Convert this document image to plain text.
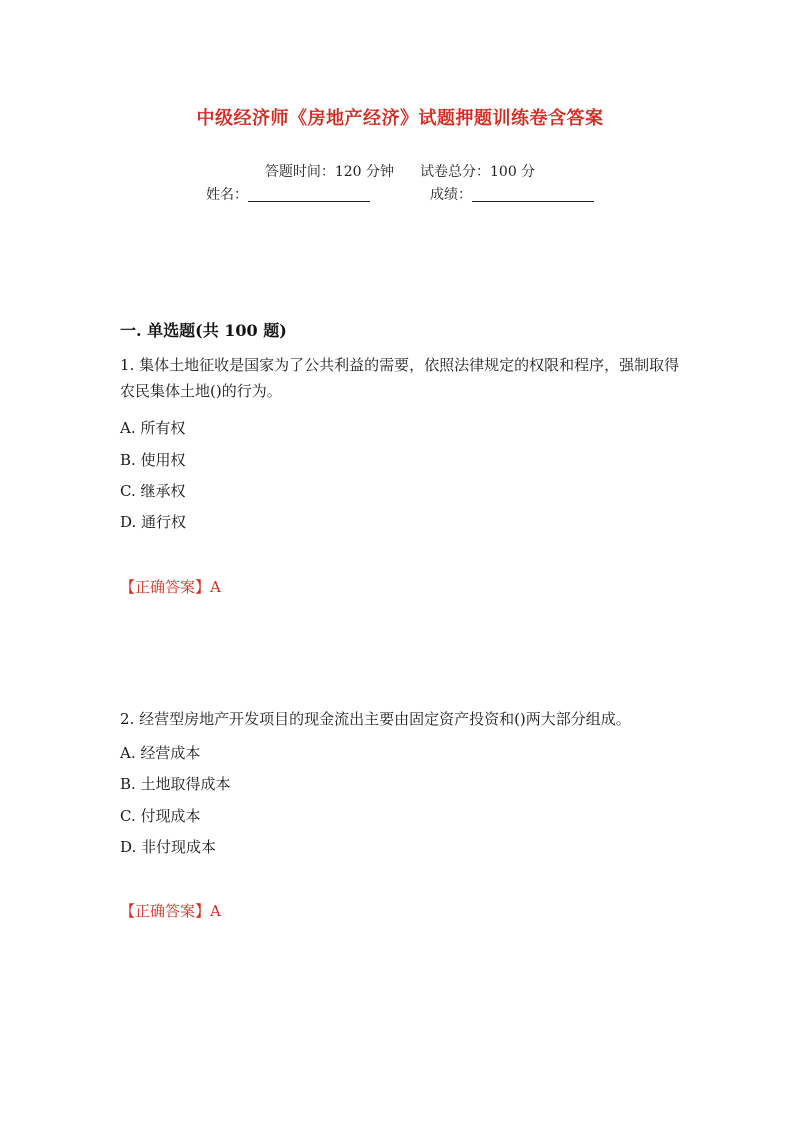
中级经济师《房地产经济》试题押题训练卷含答案
答题时间：120 分钟 试卷总分：100 分
姓名：	成绩：
一. 单选题(共 100 题)
1. 集体土地征收是国家为了公共利益的需要，依照法律规定的权限和程序，强制取得农民集体土地()的行为。
A. 所有权
B. 使用权
C. 继承权
D. 通行权
【正确答案】A
2. 经营型房地产开发项目的现金流出主要由固定资产投资和()两大部分组成。
A. 经营成本
B. 土地取得成本
C. 付现成本
D. 非付现成本
【正确答案】A
